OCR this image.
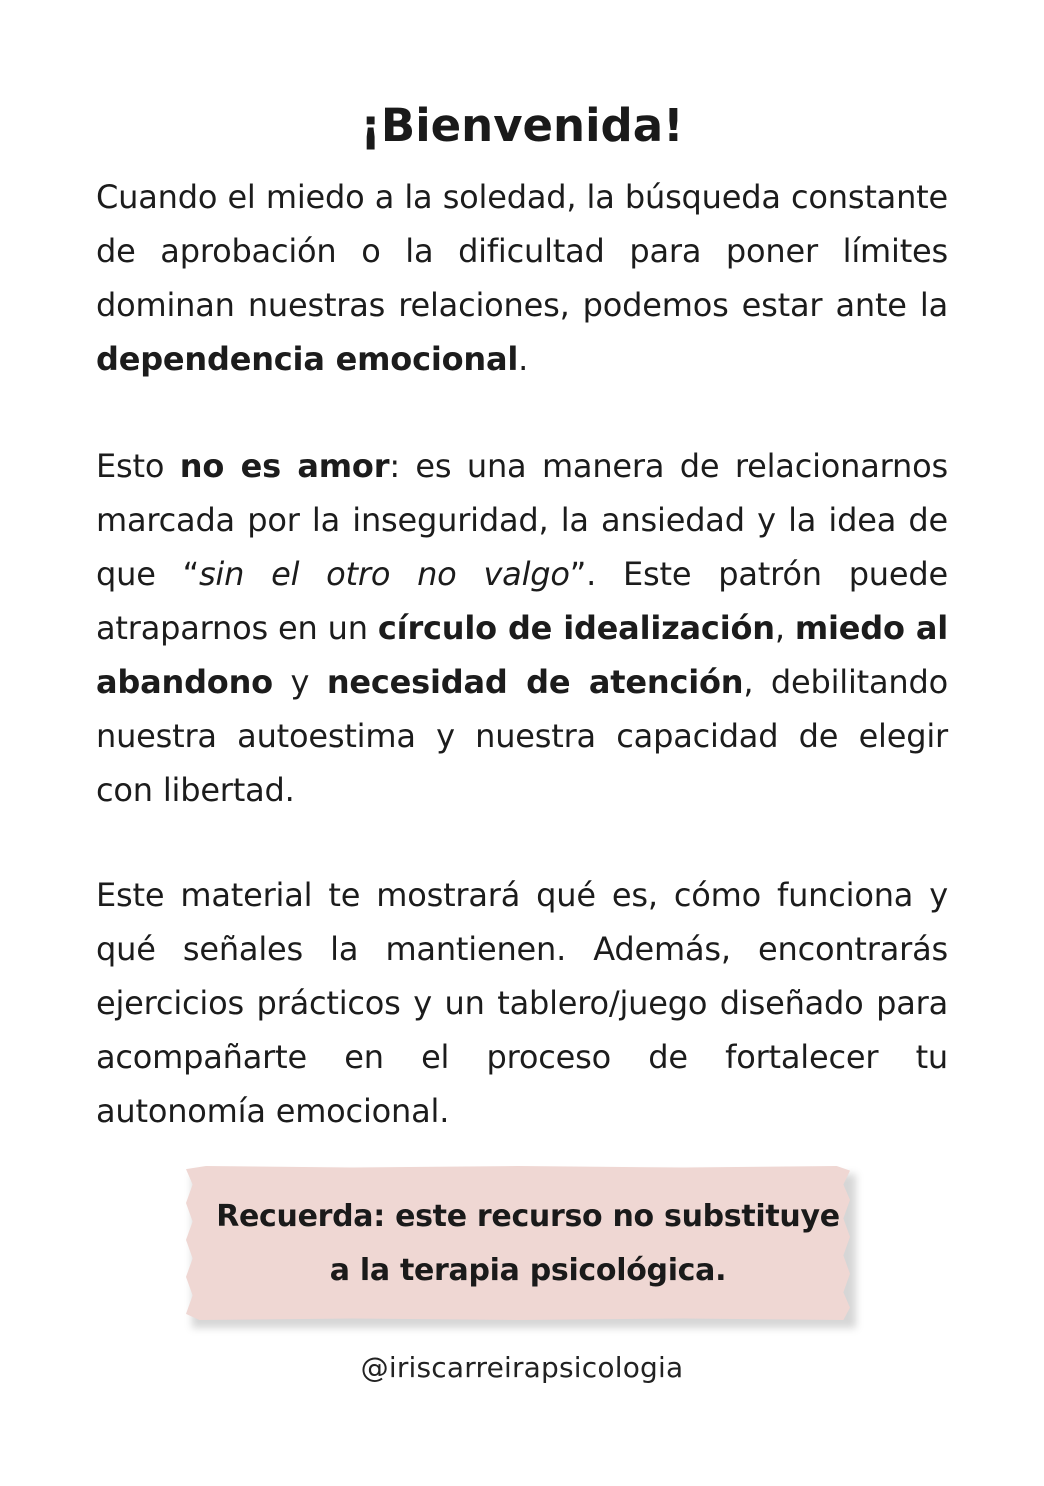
¡Bienvenida!

Cuando el miedo a la soledad, la búsqueda constante de aprobación o la dificultad para poner límites dominan nuestras relaciones, podemos estar ante la dependencia emocional.

Esto no es amor: es una manera de relacionarnos marcada por la inseguridad, la ansiedad y la idea de que “sin el otro no valgo”. Este patrón puede atraparnos en un círculo de idealización, miedo al abandono y necesidad de atención, debilitando nuestra autoestima y nuestra capacidad de elegir con libertad.

Este material te mostrará qué es, cómo funciona y qué señales la mantienen. Además, encontrarás ejercicios prácticos y un tablero/juego diseñado para acompañarte en el proceso de fortalecer tu autonomía emocional.

Recuerda: este recurso no substituye
a la terapia psicológica.

@iriscarreirapsicologia
